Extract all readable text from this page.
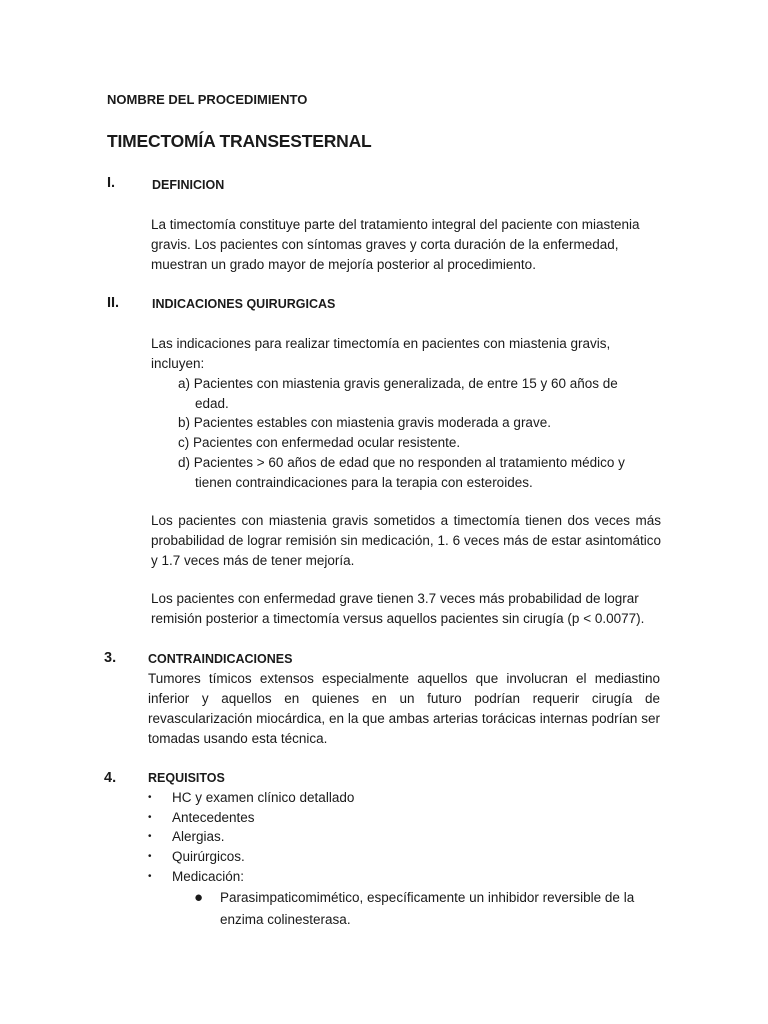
NOMBRE DEL PROCEDIMIENTO
TIMECTOMÍA TRANSESTERNAL
I.	DEFINICION
La timectomía constituye parte del tratamiento integral del paciente con miastenia gravis. Los pacientes con síntomas graves y corta duración de la enfermedad, muestran un grado mayor de mejoría posterior al procedimiento.
II.	INDICACIONES QUIRURGICAS
Las indicaciones para realizar timectomía en pacientes con miastenia gravis, incluyen:
a) Pacientes con miastenia gravis generalizada, de entre 15 y 60 años de edad.
b) Pacientes estables con miastenia gravis moderada a grave.
c) Pacientes con enfermedad ocular resistente.
d) Pacientes > 60 años de edad que no responden al tratamiento médico y tienen contraindicaciones para la terapia con esteroides.
Los pacientes con miastenia gravis sometidos a timectomía tienen dos veces más probabilidad de lograr remisión sin medicación, 1. 6 veces más de estar asintomático y 1.7 veces más de tener mejoría.
Los pacientes con enfermedad grave tienen 3.7 veces más probabilidad de lograr remisión posterior a timectomía versus aquellos pacientes sin cirugía (p < 0.0077).
3.	CONTRAINDICACIONES
Tumores tímicos extensos especialmente aquellos que involucran el mediastino inferior y aquellos en quienes en un futuro podrían requerir cirugía de revascularización miocárdica, en la que ambas arterias torácicas internas podrían ser tomadas usando esta técnica.
4.	REQUISITOS
• HC y examen clínico detallado
• Antecedentes
• Alergias.
• Quirúrgicos.
• Medicación:
● Parasimpaticomimético, específicamente un inhibidor reversible de la enzima colinesterasa.
